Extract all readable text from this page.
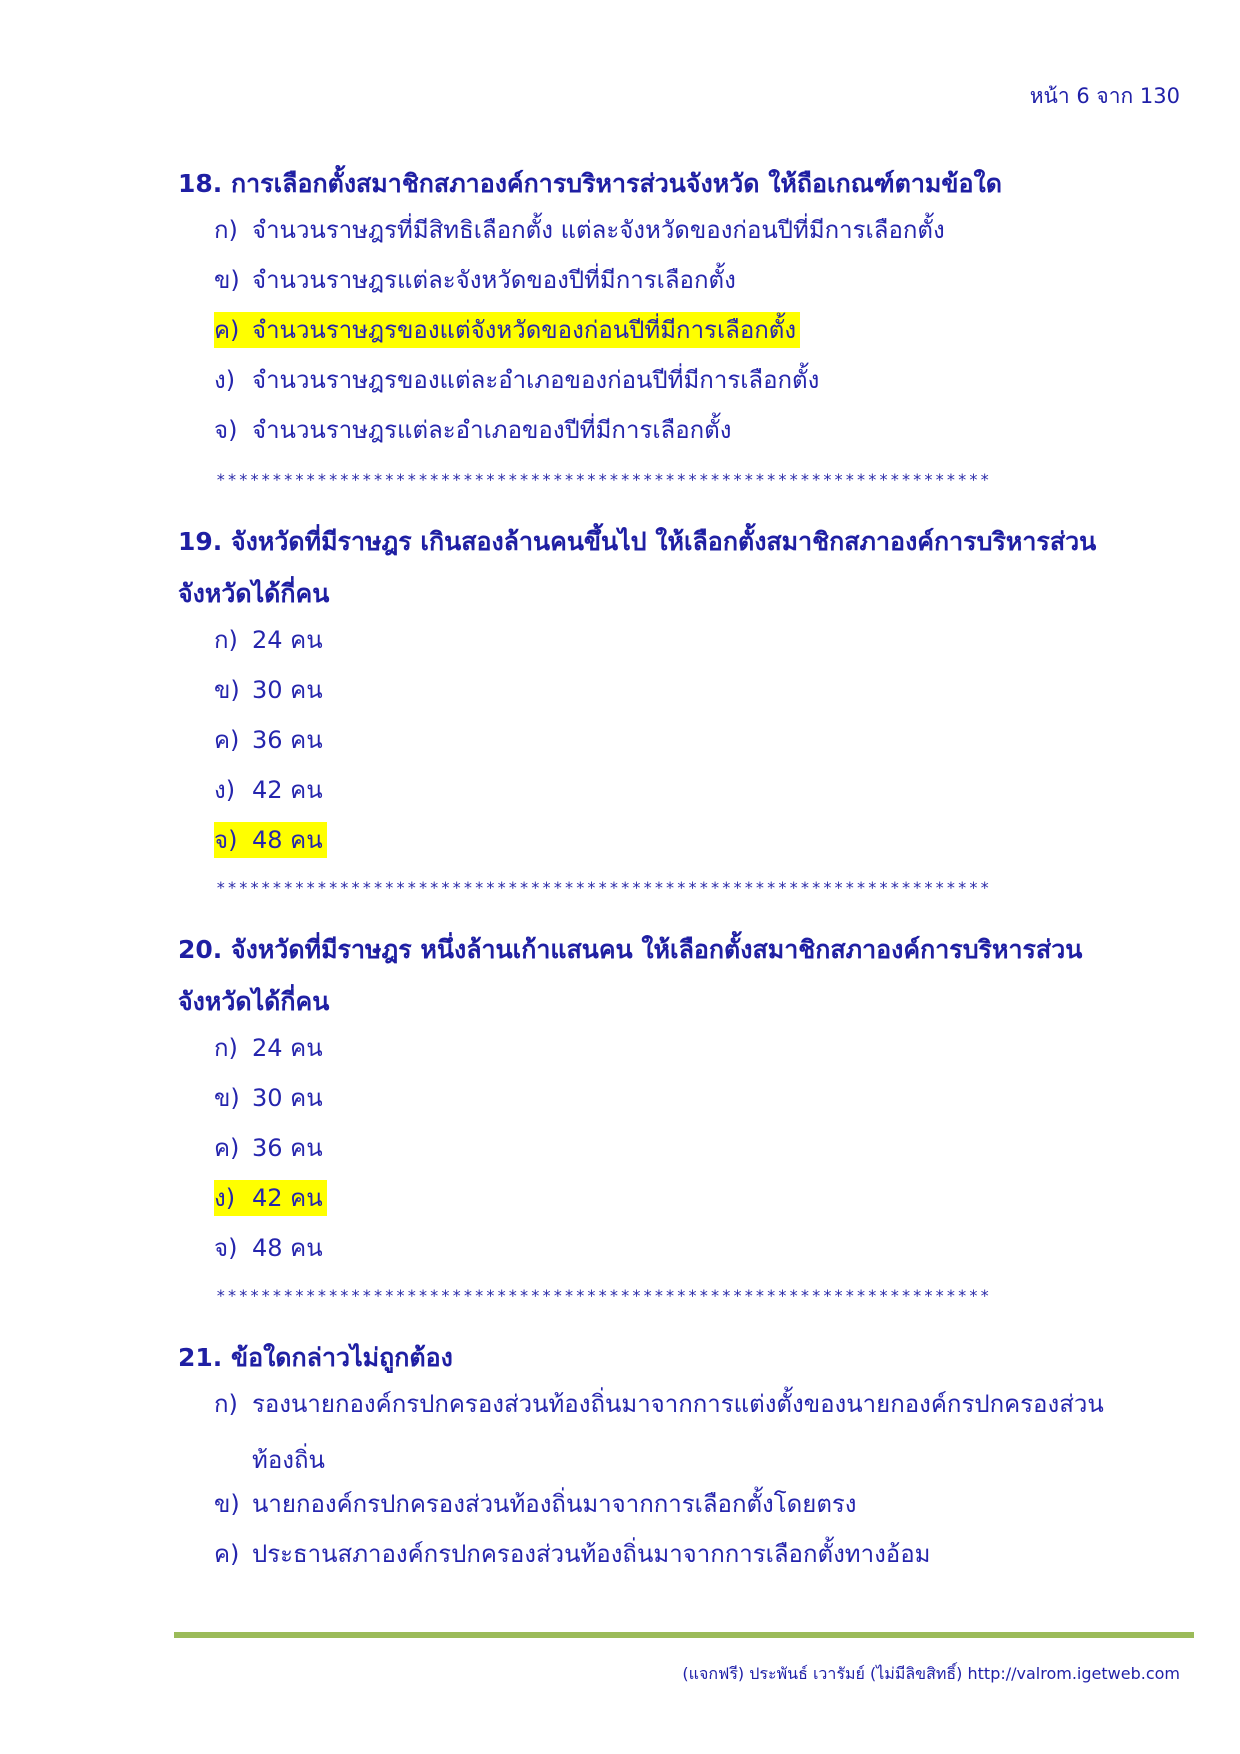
หน้า 6 จาก 130
18. การเลือกตั้งสมาชิกสภาองค์การบริหารส่วนจังหวัด ให้ถือเกณฑ์ตามข้อใด
ก) จำนวนราษฎรที่มีสิทธิเลือกตั้ง แต่ละจังหวัดของก่อนปีที่มีการเลือกตั้ง
ข) จำนวนราษฎรแต่ละจังหวัดของปีที่มีการเลือกตั้ง
ค) จำนวนราษฎรของแต่จังหวัดของก่อนปีที่มีการเลือกตั้ง
ง) จำนวนราษฎรของแต่ละอำเภอของก่อนปีที่มีการเลือกตั้ง
จ) จำนวนราษฎรแต่ละอำเภอของปีที่มีการเลือกตั้ง
*********************************************************************
19. จังหวัดที่มีราษฎร เกินสองล้านคนขึ้นไป ให้เลือกตั้งสมาชิกสภาองค์การบริหารส่วน
จังหวัดได้กี่คน
ก) 24 คน
ข) 30 คน
ค) 36 คน
ง) 42 คน
จ) 48 คน
*********************************************************************
20. จังหวัดที่มีราษฎร หนึ่งล้านเก้าแสนคน ให้เลือกตั้งสมาชิกสภาองค์การบริหารส่วน
จังหวัดได้กี่คน
ก) 24 คน
ข) 30 คน
ค) 36 คน
ง) 42 คน
จ) 48 คน
*********************************************************************
21. ข้อใดกล่าวไม่ถูกต้อง
ก) รองนายกองค์กรปกครองส่วนท้องถิ่นมาจากการแต่งตั้งของนายกองค์กรปกครองส่วน
ท้องถิ่น
ข) นายกองค์กรปกครองส่วนท้องถิ่นมาจากการเลือกตั้งโดยตรง
ค) ประธานสภาองค์กรปกครองส่วนท้องถิ่นมาจากการเลือกตั้งทางอ้อม
(แจกฟรี) ประพันธ์ เวารัมย์ (ไม่มีลิขสิทธิ์) http://valrom.igetweb.com
